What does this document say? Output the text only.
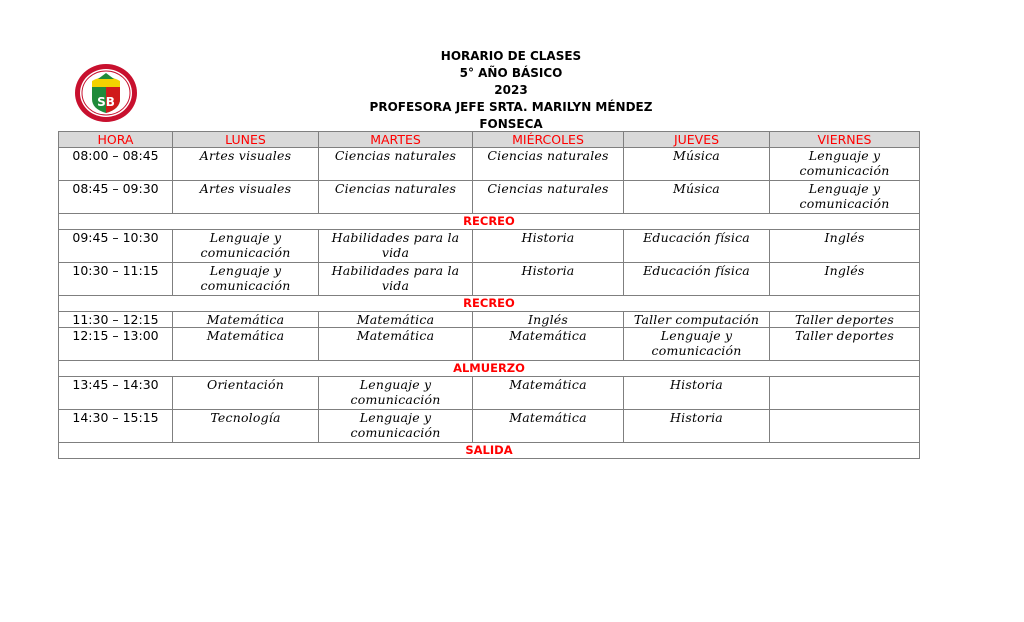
SB
HORARIO DE CLASES
5° AÑO BÁSICO
2023
PROFESORA JEFE SRTA. MARILYN MÉNDEZ FONSECA
HORA	LUNES	MARTES	MIÉRCOLES	JUEVES	VIERNES
08:00 – 08:45	Artes visuales	Ciencias naturales	Ciencias naturales	Música	Lenguaje y comunicación
08:45 – 09:30	Artes visuales	Ciencias naturales	Ciencias naturales	Música	Lenguaje y comunicación
RECREO					
09:45 – 10:30	Lenguaje y comunicación	Habilidades para la vida	Historia	Educación física	Inglés
10:30 – 11:15	Lenguaje y comunicación	Habilidades para la vida	Historia	Educación física	Inglés
RECREO					
11:30 – 12:15	Matemática	Matemática	Inglés	Taller computación	Taller deportes
12:15 – 13:00	Matemática	Matemática	Matemática	Lenguaje y comunicación	Taller deportes
ALMUERZO					
13:45 – 14:30	Orientación	Lenguaje y comunicación	Matemática	Historia	
14:30 – 15:15	Tecnología	Lenguaje y comunicación	Matemática	Historia	
SALIDA					
